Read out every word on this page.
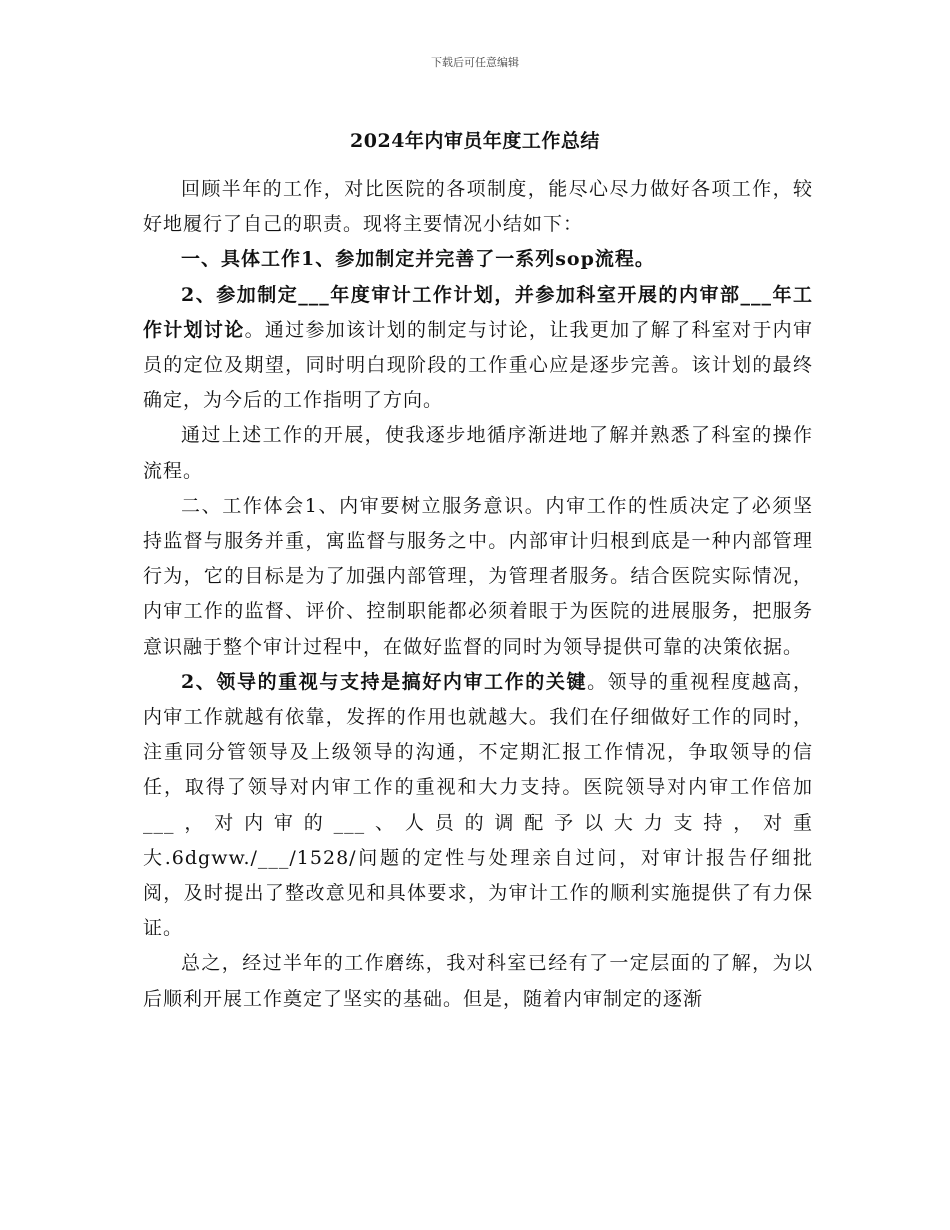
下载后可任意编辑
2024年内审员年度工作总结

回顾半年的工作，对比医院的各项制度，能尽心尽力做好各项工作，较好地履行了自己的职责。现将主要情况小结如下：

一、具体工作1、参加制定并完善了一系列sop流程。

2、参加制定___年度审计工作计划，并参加科室开展的内审部___年工作计划讨论。通过参加该计划的制定与讨论，让我更加了解了科室对于内审员的定位及期望，同时明白现阶段的工作重心应是逐步完善。该计划的最终确定，为今后的工作指明了方向。

通过上述工作的开展，使我逐步地循序渐进地了解并熟悉了科室的操作流程。

二、工作体会1、内审要树立服务意识。内审工作的性质决定了必须坚持监督与服务并重，寓监督与服务之中。内部审计归根到底是一种内部管理行为，它的目标是为了加强内部管理，为管理者服务。结合医院实际情况，内审工作的监督、评价、控制职能都必须着眼于为医院的进展服务，把服务意识融于整个审计过程中，在做好监督的同时为领导提供可靠的决策依据。

2、领导的重视与支持是搞好内审工作的关键。领导的重视程度越高，内审工作就越有依靠，发挥的作用也就越大。我们在仔细做好工作的同时，注重同分管领导及上级领导的沟通，不定期汇报工作情况，争取领导的信任，取得了领导对内审工作的重视和大力支持。医院领导对内审工作倍加___，对内审的___、人员的调配予以大力支持，对重大.6dgww./___/1528/问题的定性与处理亲自过问，对审计报告仔细批阅，及时提出了整改意见和具体要求，为审计工作的顺利实施提供了有力保证。

总之，经过半年的工作磨练，我对科室已经有了一定层面的了解，为以后顺利开展工作奠定了坚实的基础。但是，随着内审制定的逐渐
